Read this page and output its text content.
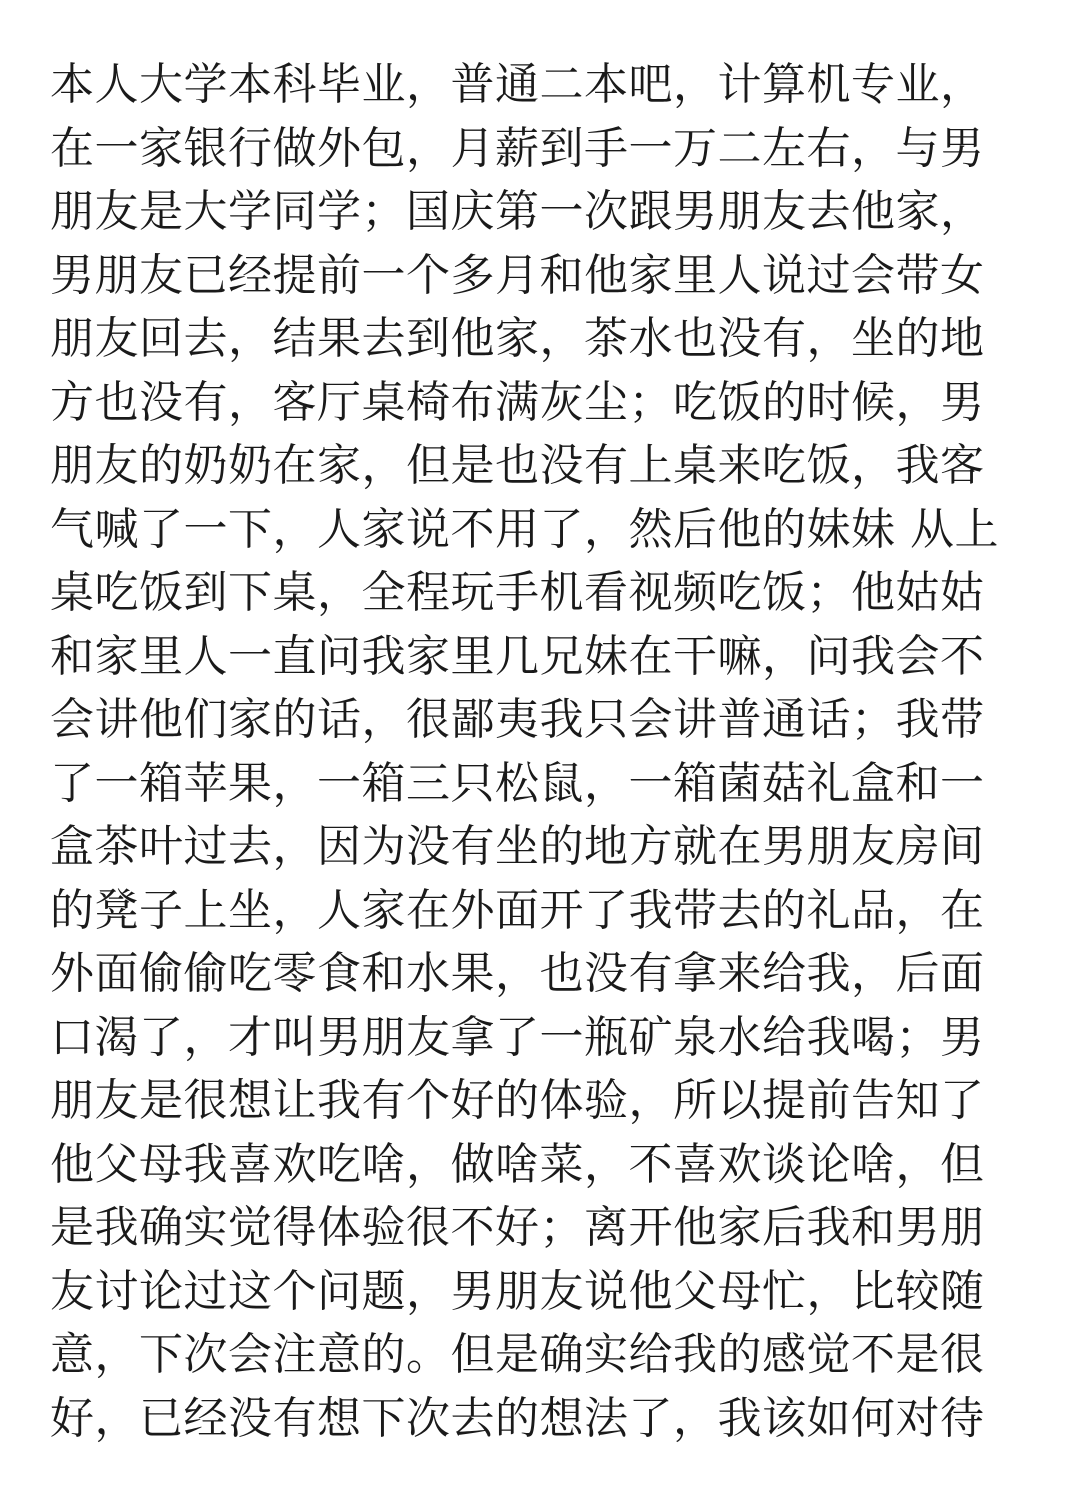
本人大学本科毕业，普通二本吧，计算机专业，
在一家银行做外包，月薪到手一万二左右，与男
朋友是大学同学；国庆第一次跟男朋友去他家，
男朋友已经提前一个多月和他家里人说过会带女
朋友回去，结果去到他家，茶水也没有，坐的地
方也没有，客厅桌椅布满灰尘；吃饭的时候，男
朋友的奶奶在家，但是也没有上桌来吃饭，我客
气喊了一下，人家说不用了，然后他的妹妹 从上
桌吃饭到下桌，全程玩手机看视频吃饭；他姑姑
和家里人一直问我家里几兄妹在干嘛，问我会不
会讲他们家的话，很鄙夷我只会讲普通话；我带
了一箱苹果，一箱三只松鼠，一箱菌菇礼盒和一
盒茶叶过去，因为没有坐的地方就在男朋友房间
的凳子上坐，人家在外面开了我带去的礼品，在
外面偷偷吃零食和水果，也没有拿来给我，后面
口渴了，才叫男朋友拿了一瓶矿泉水给我喝；男
朋友是很想让我有个好的体验，所以提前告知了
他父母我喜欢吃啥，做啥菜，不喜欢谈论啥，但
是我确实觉得体验很不好；离开他家后我和男朋
友讨论过这个问题，男朋友说他父母忙，比较随
意，下次会注意的。但是确实给我的感觉不是很
好，已经没有想下次去的想法了，我该如何对待
